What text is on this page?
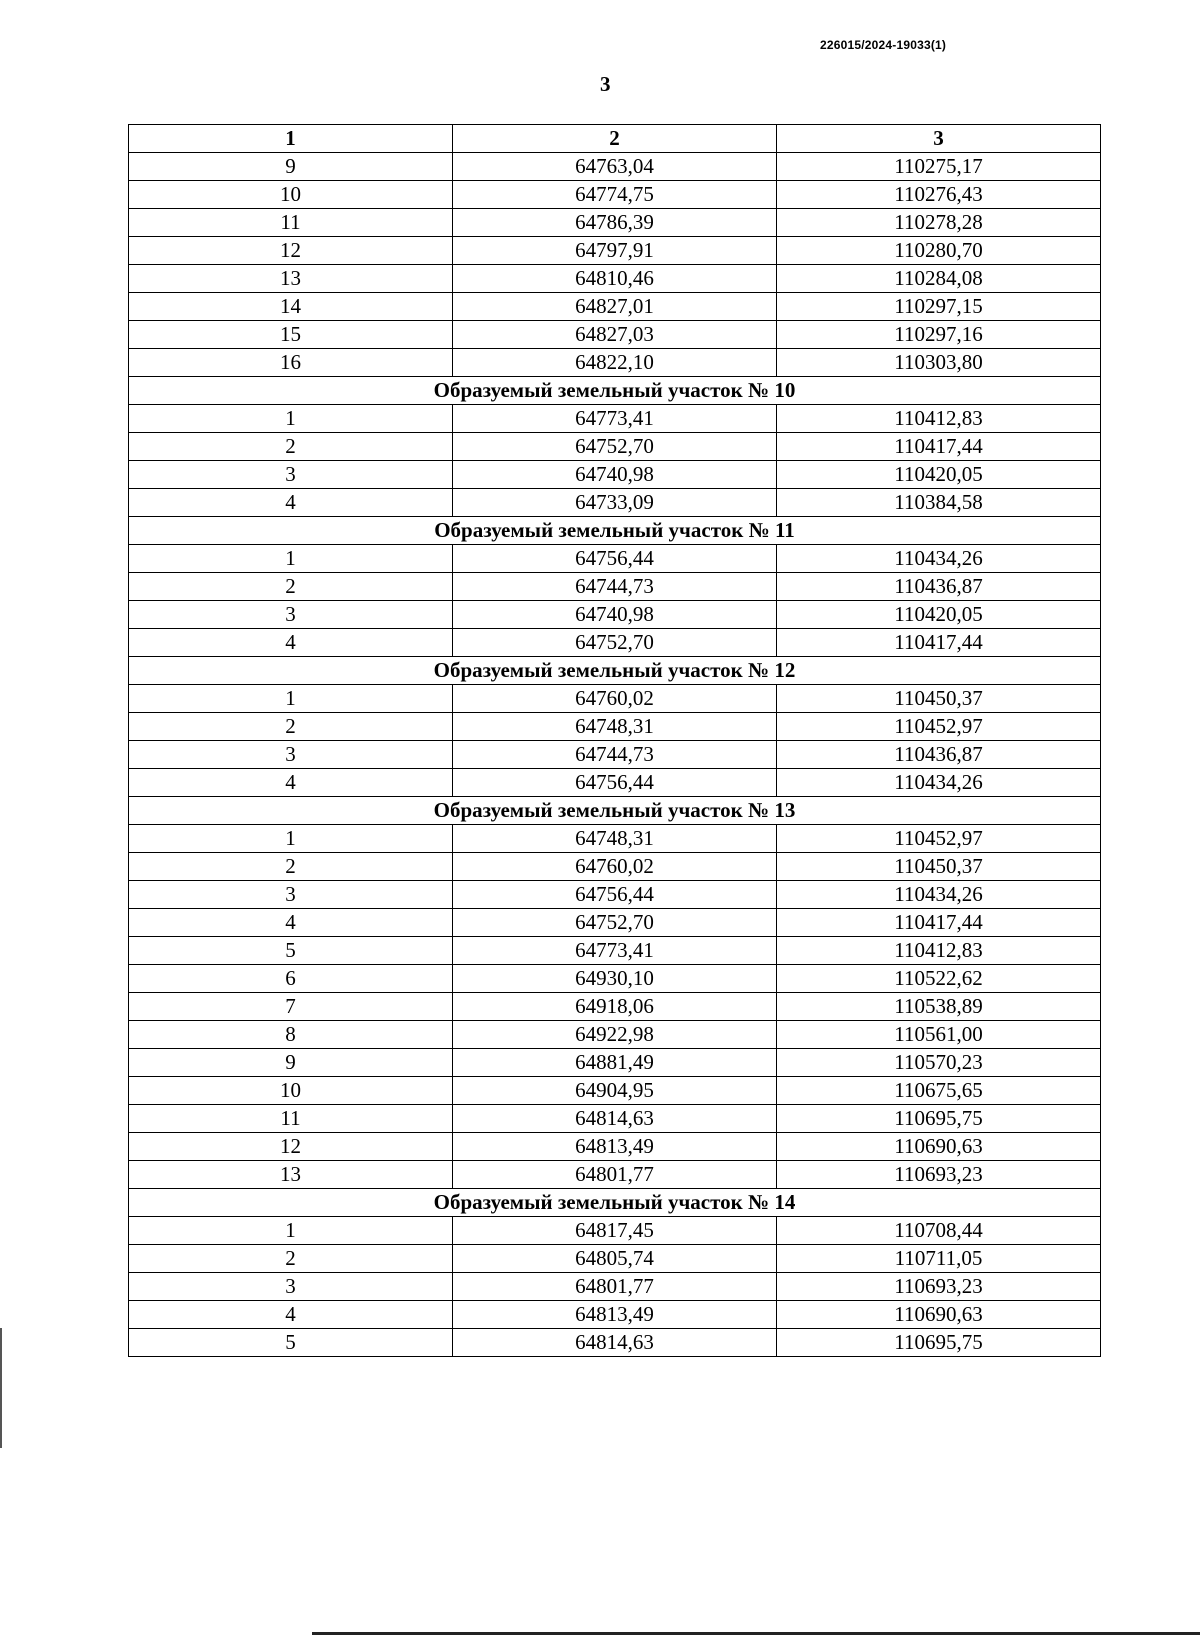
226015/2024-19033(1)
3
1	2	3
9	64763,04	110275,17
10	64774,75	110276,43
11	64786,39	110278,28
12	64797,91	110280,70
13	64810,46	110284,08
14	64827,01	110297,15
15	64827,03	110297,16
16	64822,10	110303,80
Образуемый земельный участок № 10		
1	64773,41	110412,83
2	64752,70	110417,44
3	64740,98	110420,05
4	64733,09	110384,58
Образуемый земельный участок № 11		
1	64756,44	110434,26
2	64744,73	110436,87
3	64740,98	110420,05
4	64752,70	110417,44
Образуемый земельный участок № 12		
1	64760,02	110450,37
2	64748,31	110452,97
3	64744,73	110436,87
4	64756,44	110434,26
Образуемый земельный участок № 13		
1	64748,31	110452,97
2	64760,02	110450,37
3	64756,44	110434,26
4	64752,70	110417,44
5	64773,41	110412,83
6	64930,10	110522,62
7	64918,06	110538,89
8	64922,98	110561,00
9	64881,49	110570,23
10	64904,95	110675,65
11	64814,63	110695,75
12	64813,49	110690,63
13	64801,77	110693,23
Образуемый земельный участок № 14		
1	64817,45	110708,44
2	64805,74	110711,05
3	64801,77	110693,23
4	64813,49	110690,63
5	64814,63	110695,75
